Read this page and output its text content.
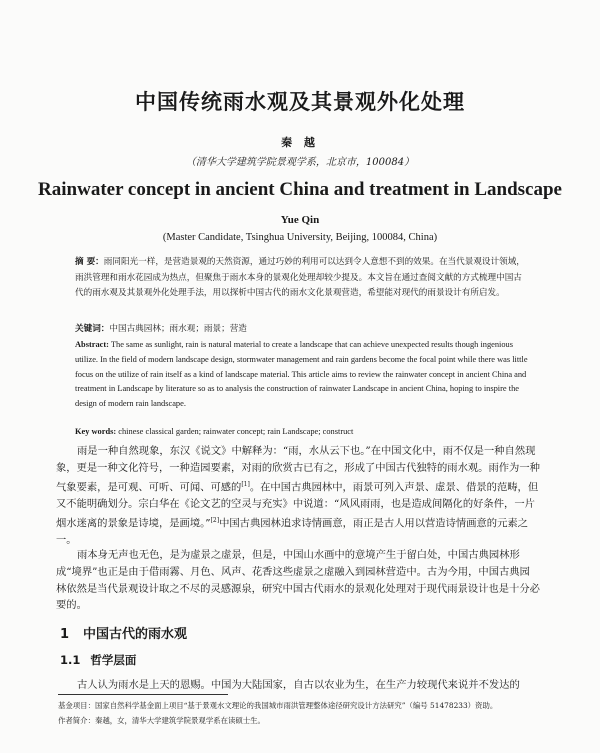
中国传统雨水观及其景观外化处理
秦 越
（清华大学建筑学院景观学系，北京市，100084）
Rainwater concept in ancient China and treatment in Landscape
Yue Qin
(Master Candidate, Tsinghua University, Beijing, 100084, China)
摘 要：雨同阳光一样，是营造景观的天然资源，通过巧妙的利用可以达到令人意想不到的效果。在当代景观设计领域，雨洪管理和雨水花园成为热点，但聚焦于雨水本身的景观化处理却较少提及。本文旨在通过查阅文献的方式梳理中国古代的雨水观及其景观外化处理手法，用以探析中国古代的雨水文化景观营造，希望能对现代的雨景设计有所启发。
关键词：中国古典园林；雨水观；雨景；营造
Abstract: The same as sunlight, rain is natural material to create a landscape that can achieve unexpected results though ingenious utilize. In the field of modern landscape design, stormwater management and rain gardens become the focal point while there was little focus on the utilize of rain itself as a kind of landscape material. This article aims to review the rainwater concept in ancient China and treatment in Landscape by literature so as to analysis the construction of rainwater Landscape in ancient China, hoping to inspire the design of modern rain landscape.
Key words: chinese classical garden; rainwater concept; rain Landscape; construct
雨是一种自然现象，东汉《说文》中解释为：“雨，水从云下也。”在中国文化中，雨不仅是一种自然现象，更是一种文化符号，一种造园要素，对雨的欣赏古已有之，形成了中国古代独特的雨水观。雨作为一种气象要素，是可观、可听、可闻、可感的[1]。在中国古典园林中，雨景可列入声景、虚景、借景的范畴，但又不能明确划分。宗白华在《论文艺的空灵与充实》中说道：“风风雨雨，也是造成间隔化的好条件，一片烟水迷离的景象是诗境，是画境。”[2]中国古典园林追求诗情画意，雨正是古人用以营造诗情画意的元素之一。
雨本身无声也无色，是为虚景之虚景，但是，中国山水画中的意境产生于留白处，中国古典园林形成“境界”也正是由于借雨霧、月色、风声、花香这些虚景之虚融入到园林营造中。古为今用，中国古典园林依然是当代景观设计取之不尽的灵感源泉，研究中国古代雨水的景观化处理对于现代雨景设计也是十分必要的。
1 中国古代的雨水观
1.1 哲学层面
古人认为雨水是上天的恩赐。中国为大陆国家，自古以农业为生，在生产力较现代来说并不发达的
基金项目：国家自然科学基金面上项目“基于景观水文理论的我国城市雨洪管理整体途径研究设计方法研究”（编号 51478233）资助。
作者简介：秦越，女，清华大学建筑学院景观学系在读硕士生。
